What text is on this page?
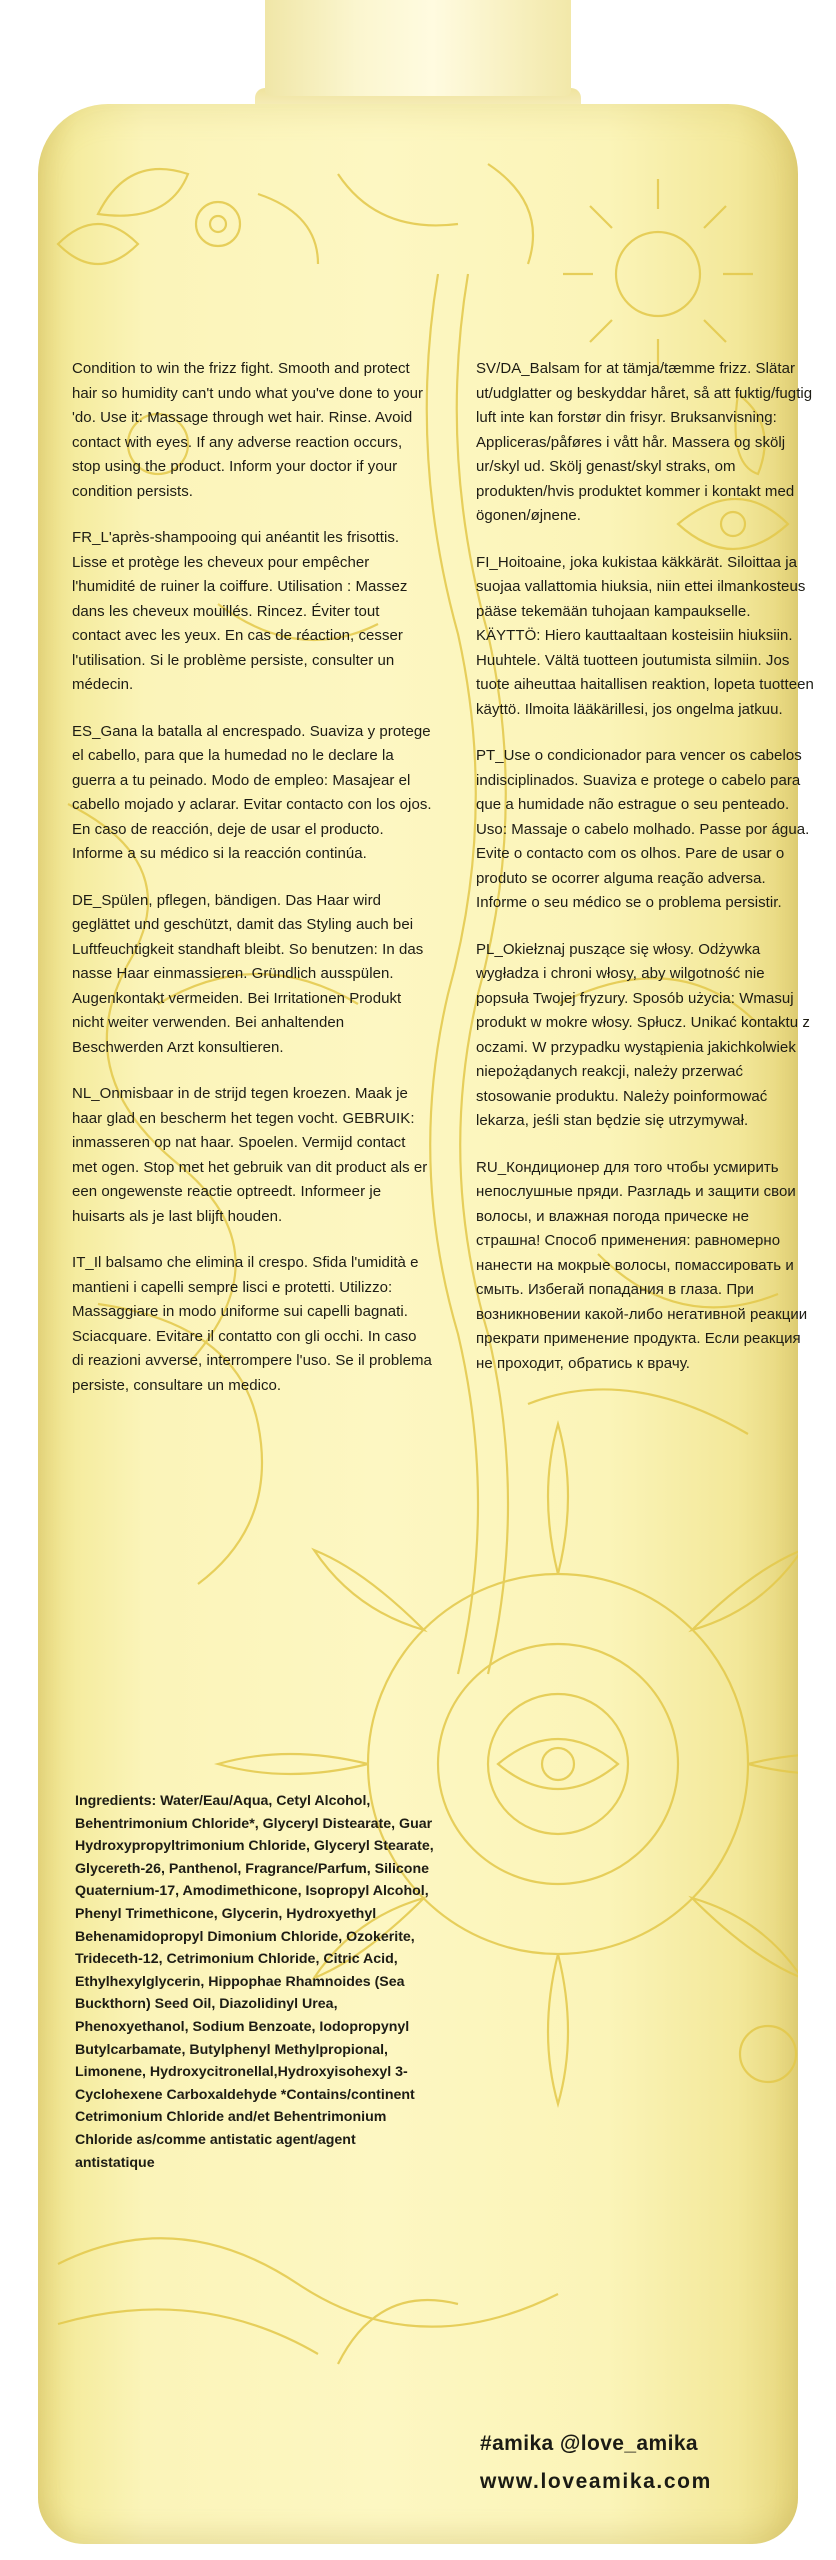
Condition to win the frizz fight. Smooth and protect hair so humidity can't undo what you've done to your 'do. Use it: Massage through wet hair. Rinse. Avoid contact with eyes. If any adverse reaction occurs, stop using the product. Inform your doctor if your condition persists.

FR_L'après-shampooing qui anéantit les frisottis. Lisse et protège les cheveux pour empêcher l'humidité de ruiner la coiffure. Utilisation : Massez dans les cheveux mouillés. Rincez. Éviter tout contact avec les yeux. En cas de réaction, cesser l'utilisation. Si le problème persiste, consulter un médecin.

ES_Gana la batalla al encrespado. Suaviza y protege el cabello, para que la humedad no le declare la guerra a tu peinado. Modo de empleo: Masajear el cabello mojado y aclarar. Evitar contacto con los ojos. En caso de reacción, deje de usar el producto. Informe a su médico si la reacción continúa.

DE_Spülen, pflegen, bändigen. Das Haar wird geglättet und geschützt, damit das Styling auch bei Luftfeuchtigkeit standhaft bleibt. So benutzen: In das nasse Haar einmassieren. Gründlich ausspülen. Augenkontakt vermeiden. Bei Irritationen Produkt nicht weiter verwenden. Bei anhaltenden Beschwerden Arzt konsultieren.

NL_Onmisbaar in de strijd tegen kroezen. Maak je haar glad en bescherm het tegen vocht. GEBRUIK: inmasseren op nat haar. Spoelen. Vermijd contact met ogen. Stop met het gebruik van dit product als er een ongewenste reactie optreedt. Informeer je huisarts als je last blijft houden.

IT_Il balsamo che elimina il crespo. Sfida l'umidità e mantieni i capelli sempre lisci e protetti. Utilizzo: Massaggiare in modo uniforme sui capelli bagnati. Sciacquare. Evitare il contatto con gli occhi. In caso di reazioni avverse, interrompere l'uso. Se il problema persiste, consultare un medico.

SV/DA_Balsam for at tämja/tæmme frizz. Slätar ut/udglatter og beskyddar håret, så att fuktig/fugtig luft inte kan forstør din frisyr. Bruksanvisning: Appliceras/påføres i vått hår. Massera og skölj ur/skyl ud. Skölj genast/skyl straks, om produkten/hvis produktet kommer i kontakt med ögonen/øjnene.

FI_Hoitoaine, joka kukistaa käkkärät. Siloittaa ja suojaa vallattomia hiuksia, niin ettei ilmankosteus pääse tekemään tuhojaan kampaukselle. KÄYTTÖ: Hiero kauttaaltaan kosteisiin hiuksiin. Huuhtele. Vältä tuotteen joutumista silmiin. Jos tuote aiheuttaa haitallisen reaktion, lopeta tuotteen käyttö. Ilmoita lääkärillesi, jos ongelma jatkuu.

PT_Use o condicionador para vencer os cabelos indisciplinados. Suaviza e protege o cabelo para que a humidade não estrague o seu penteado. Uso: Massaje o cabelo molhado. Passe por água. Evite o contacto com os olhos. Pare de usar o produto se ocorrer alguma reação adversa. Informe o seu médico se o problema persistir.

PL_Okiełznaj puszące się włosy. Odżywka wygładza i chroni włosy, aby wilgotność nie popsuła Twojej fryzury. Sposób użycia: Wmasuj produkt w mokre włosy. Spłucz. Unikać kontaktu z oczami. W przypadku wystąpienia jakichkolwiek niepożądanych reakcji, należy przerwać stosowanie produktu. Należy poinformować lekarza, jeśli stan będzie się utrzymywał.

RU_Кондиционер для того чтобы усмирить непослушные пряди. Разгладь и защити свои волосы, и влажная погода прическе не страшна! Способ применения: равномерно нанести на мокрые волосы, помассировать и смыть. Избегай попадания в глаза. При возникновении какой-либо негативной реакции прекрати применение продукта. Если реакция не проходит, обратись к врачу.

Ingredients: Water/Eau/Aqua, Cetyl Alcohol, Behentrimonium Chloride*, Glyceryl Distearate, Guar Hydroxypropyltrimonium Chloride, Glyceryl Stearate, Glycereth-26, Panthenol, Fragrance/Parfum, Silicone Quaternium-17, Amodimethicone, Isopropyl Alcohol, Phenyl Trimethicone, Glycerin, Hydroxyethyl Behenamidopropyl Dimonium Chloride, Ozokerite, Trideceth-12, Cetrimonium Chloride, Citric Acid, Ethylhexylglycerin, Hippophae Rhamnoides (Sea Buckthorn) Seed Oil, Diazolidinyl Urea, Phenoxyethanol, Sodium Benzoate, Iodopropynyl Butylcarbamate, Butylphenyl Methylpropional, Limonene, Hydroxycitronellal,Hydroxyisohexyl 3-Cyclohexene Carboxaldehyde *Contains/continent Cetrimonium Chloride and/et Behentrimonium Chloride as/comme antistatic agent/agent antistatique
#amika @love_amika
www.loveamika.com
